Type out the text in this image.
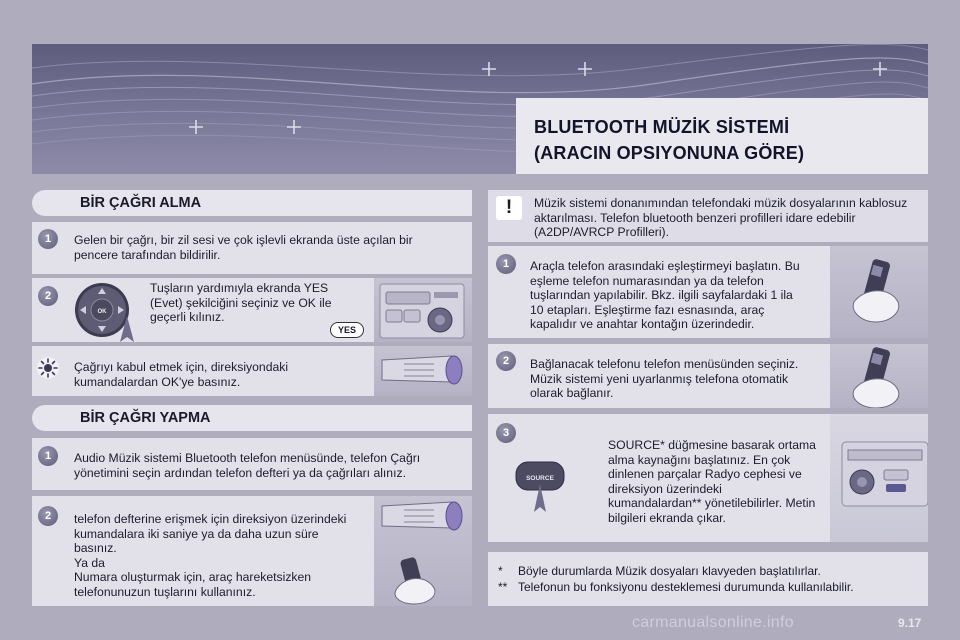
BLUETOOTH MÜZİK SİSTEMİ
(ARACIN OPSIYONUNA GÖRE)
BİR ÇAĞRI ALMA
1	Gelen bir çağrı, bir zil sesi ve çok işlevli ekranda üste açılan bir pencere tarafından bildirilir.
2
OK
Tuşların yardımıyla ekranda YES (Evet) şekilciğini seçiniz ve OK ile geçerli kılınız.
YES
Çağrıyı kabul etmek için, direksiyondaki kumandalardan OK'ye basınız.
BİR ÇAĞRI YAPMA
1	Audio Müzik sistemi Bluetooth telefon menüsünde, telefon Çağrı yönetimini seçin ardından telefon defteri ya da çağrıları alınız.
2	telefon defterine erişmek için direksiyon üzerindeki
kumandalara iki saniye ya da daha uzun süre
basınız.
Ya da
Numara oluşturmak için, araç hareketsizken
telefonunuzun tuşlarını kullanınız.
!	Müzik sistemi donanımından telefondaki müzik dosyalarının kablosuz aktarılması. Telefon bluetooth benzeri profilleri idare edebilir (A2DP/AVRCP Profilleri).
1	Araçla telefon arasındaki eşleştirmeyi başlatın. Bu eşleme telefon numarasından ya da telefon tuşlarından yapılabilir. Bkz. ilgili sayfalardaki 1 ila 10 etapları. Eşleştirme fazı esnasında, araç kapalıdır ve anahtar kontağın üzerindedir.
2	Bağlanacak telefonu telefon menüsünden seçiniz. Müzik sistemi yeni uyarlanmış telefona otomatik olarak bağlanır.
3
SOURCE
SOURCE* düğmesine basarak ortama alma kaynağını başlatınız. En çok dinlenen parçalar Radyo cephesi ve direksiyon üzerindeki kumandalardan** yönetilebilirler. Metin bilgileri ekranda çıkar.
* Böyle durumlarda Müzik dosyaları klavyeden başlatılırlar.
** Telefonun bu fonksiyonu desteklemesi durumunda kullanılabilir.
9.17
carmanualsonline.info
